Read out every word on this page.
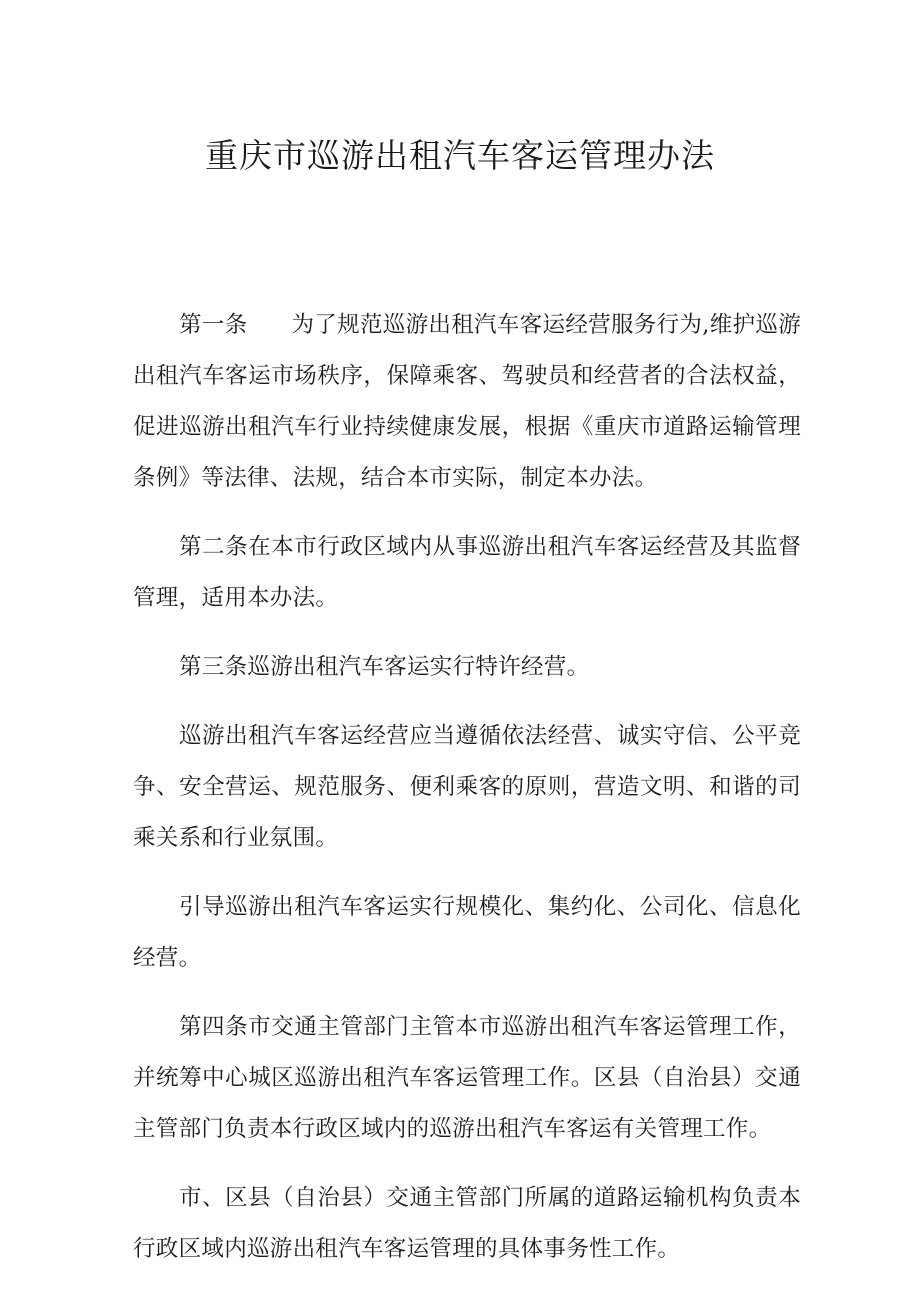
重庆市巡游出租汽车客运管理办法

第一条 为了规范巡游出租汽车客运经营服务行为,维护巡游出租汽车客运市场秩序，保障乘客、驾驶员和经营者的合法权益，促进巡游出租汽车行业持续健康发展，根据《重庆市道路运输管理条例》等法律、法规，结合本市实际，制定本办法。

第二条在本市行政区域内从事巡游出租汽车客运经营及其监督管理，适用本办法。

第三条巡游出租汽车客运实行特许经营。

巡游出租汽车客运经营应当遵循依法经营、诚实守信、公平竞争、安全营运、规范服务、便利乘客的原则，营造文明、和谐的司乘关系和行业氛围。

引导巡游出租汽车客运实行规模化、集约化、公司化、信息化经营。

第四条市交通主管部门主管本市巡游出租汽车客运管理工作，并统筹中心城区巡游出租汽车客运管理工作。区县（自治县）交通主管部门负责本行政区域内的巡游出租汽车客运有关管理工作。

市、区县（自治县）交通主管部门所属的道路运输机构负责本行政区域内巡游出租汽车客运管理的具体事务性工作。
